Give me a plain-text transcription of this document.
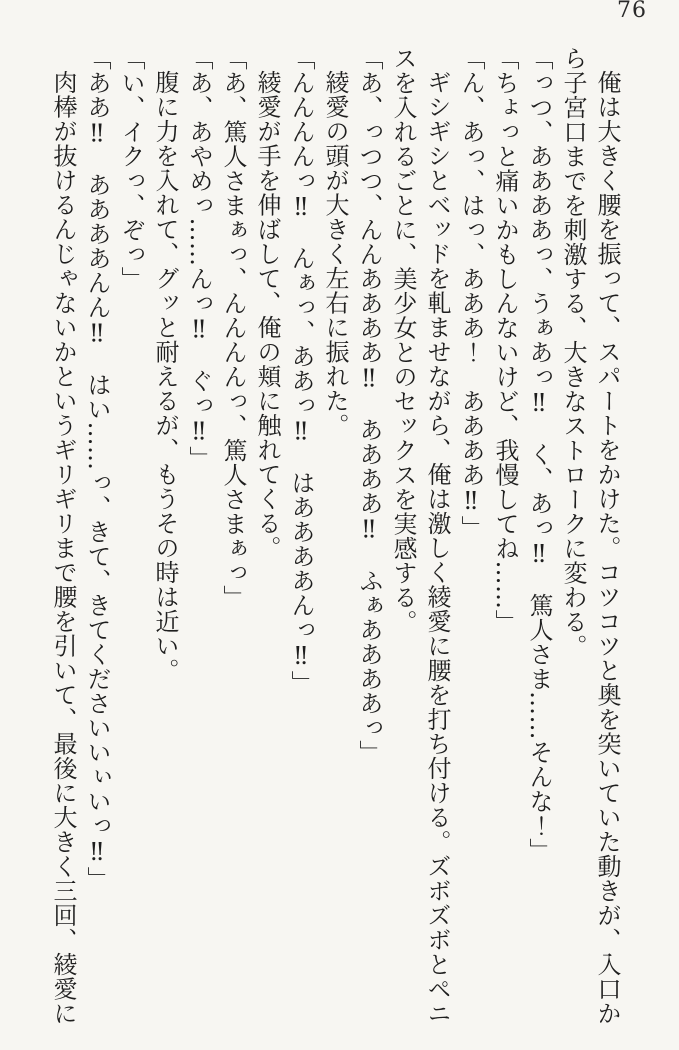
76
俺は大きく腰を振って、スパートをかけた。コツコツと奥を突いていた動きが、入口か
ら子宮口までを刺激する、大きなストロークに変わる。
「っつ、ああああっ、うぁあっ‼　く、あっ‼　篤人さま……そんな！」
「ちょっと痛いかもしんないけど、我慢してね……」
「ん、あっ、はっ、あああ！　ああああ‼」
ギシギシとベッドを軋ませながら、俺は激しく綾愛に腰を打ち付ける。ズボズボとペニ
スを入れるごとに、美少女とのセックスを実感する。
「あ、っつつ、んんああああ‼　ああああ‼　ふぁああああっ」
綾愛の頭が大きく左右に振れた。
「んんんんっ‼　んぁっ、ああっ‼　はああああんっ‼」
綾愛が手を伸ばして、俺の頬に触れてくる。
「あ、篤人さまぁっ、んんんんっ、篤人さまぁっ」
「あ、あやめっ……んっ‼　ぐっ‼」
腹に力を入れて、グッと耐えるが、もうその時は近い。
「い、イクっ、ぞっ」
「ああ‼　ああああんん‼　はい……っ、きて、きてくださいいぃいっ‼」
肉棒が抜けるんじゃないかというギリギリまで腰を引いて、最後に大きく三回、綾愛に
